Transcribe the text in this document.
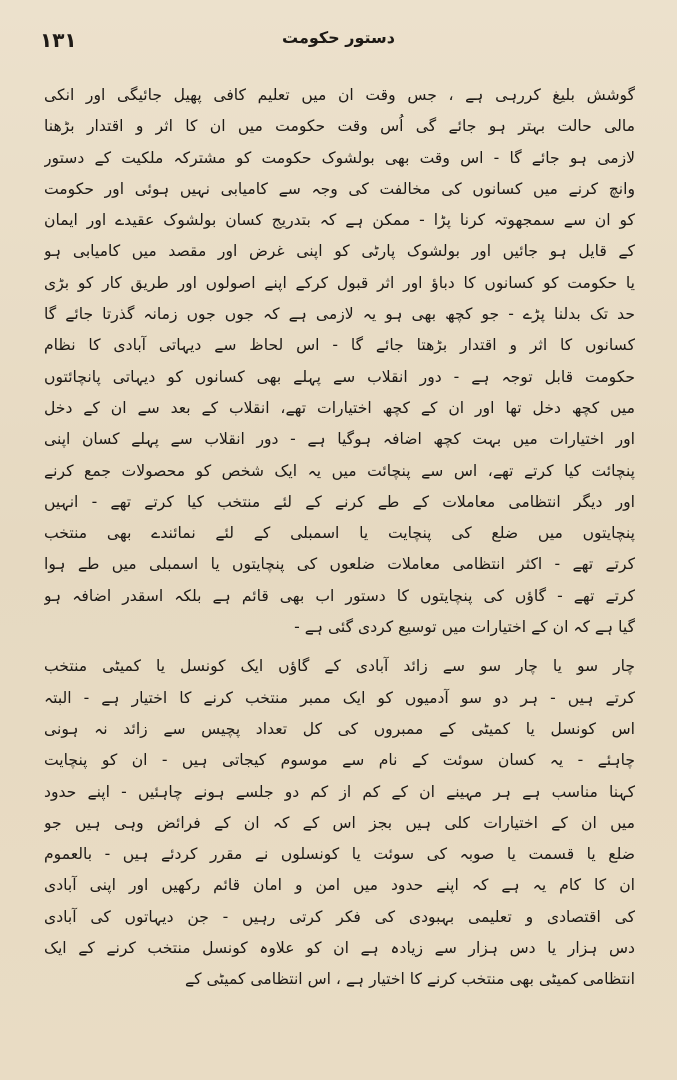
١٣١	دستور حکومت
گوشش بلیغ کررہی ہے ، جس وقت ان میں تعلیم کافی پھیل جائیگی اور انکی
مالی حالت بہتر ہو جائے گی اُس وقت حکومت میں ان کا اثر و اقتدار بڑھنا
لازمی ہو جائے گا - اس وقت بھی بولشوک حکومت کو مشترکہ ملکیت کے دستور
وانچ کرنے میں کسانوں کی مخالفت کی وجہ سے کامیابی نہیں ہوئی اور حکومت
کو ان سے سمجھوتہ کرنا پڑا - ممکن ہے کہ بتدریج کسان بولشوک عقیدے اور ایمان
کے قایل ہو جائیں اور بولشوک پارٹی کو اپنی غرض اور مقصد میں کامیابی ہو
یا حکومت کو کسانوں کا دباؤ اور اثر قبول کرکے اپنے اصولوں اور طریق کار کو بڑی
حد تک بدلنا پڑے - جو کچھ بھی ہو یہ لازمی ہے کہ جوں جوں زمانہ گذرتا جائے گا
کسانوں کا اثر و اقتدار بڑھتا جائے گا - اس لحاظ سے دیہاتی آبادی کا نظام
حکومت قابل توجہ ہے - دور انقلاب سے پہلے بھی کسانوں کو دیہاتی پانچائتوں
میں کچھ دخل تھا اور ان کے کچھ اختیارات تھے، انقلاب کے بعد سے ان کے دخل
اور اختیارات میں بہت کچھ اضافہ ہوگیا ہے - دور انقلاب سے پہلے کسان اپنی
پنچائت کیا کرتے تھے، اس سے پنچائت میں یہ ایک شخص کو محصولات جمع کرنے
اور دیگر انتظامی معاملات کے طے کرنے کے لئے منتخب کیا کرتے تھے - انہیں
پنچایتوں میں ضلع کی پنچایت یا اسمبلی کے لئے نمائندے بھی منتخب
کرتے تھے - اکثر انتظامی معاملات ضلعوں کی پنچایتوں یا اسمبلی میں طے ہوا
کرتے تھے - گاؤں کی پنچایتوں کا دستور اب بھی قائم ہے بلکہ اسقدر اضافہ ہو
گیا ہے کہ ان کے اختیارات میں توسیع کردی گئی ہے -
چار سو یا چار سو سے زائد آبادی کے گاؤں ایک کونسل یا کمیٹی منتخب
کرتے ہیں - ہر دو سو آدمیوں کو ایک ممبر منتخب کرنے کا اختیار ہے - البتہ
اس کونسل یا کمیٹی کے ممبروں کی کل تعداد پچیس سے زائد نہ ہونی
چاہئے - یہ کسان سوئت کے نام سے موسوم کیجاتی ہیں - ان کو پنچایت
کہنا مناسب ہے ہر مہینے ان کے کم از کم دو جلسے ہونے چاہئیں - اپنے حدود
میں ان کے اختیارات کلی ہیں بجز اس کے کہ ان کے فرائض وہی ہیں جو
ضلع یا قسمت یا صوبہ کی سوئت یا کونسلوں نے مقرر کردئے ہیں - بالعموم
ان کا کام یہ ہے کہ اپنے حدود میں امن و امان قائم رکھیں اور اپنی آبادی
کی اقتصادی و تعلیمی بہبودی کی فکر کرتی رہیں - جن دیہاتوں کی آبادی
دس ہزار یا دس ہزار سے زیادہ ہے ان کو علاوہ کونسل منتخب کرنے کے ایک
انتظامی کمیٹی بھی منتخب کرنے کا اختیار ہے ، اس انتظامی کمیٹی کے
